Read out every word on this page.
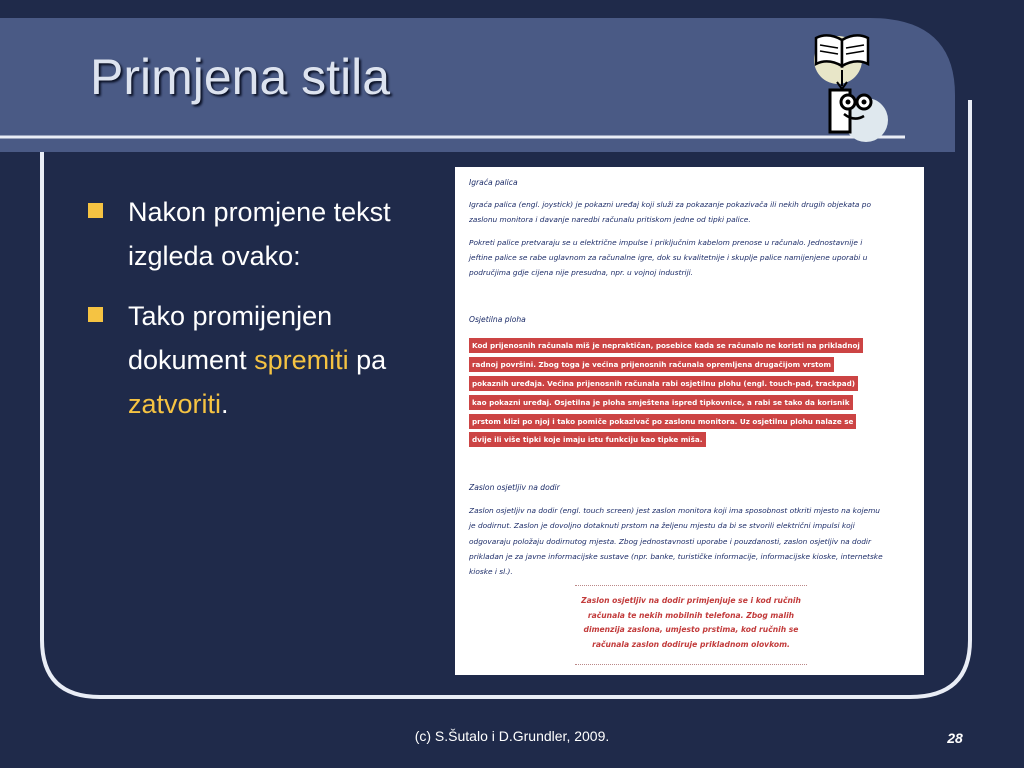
Primjena stila
Nakon promjene tekst izgleda ovako:
Tako promijenjen dokument spremiti pa zatvoriti.
Igraća palica
Igraća palica (engl. joystick) je pokazni uređaj koji služi za pokazanje pokazivača ili nekih drugih objekata po
zaslonu monitora i davanje naredbi računalu pritiskom jedne od tipki palice.
Pokreti palice pretvaraju se u električne impulse i priključnim kabelom prenose u računalo. Jednostavnije i
jeftine palice se rabe uglavnom za računalne igre, dok su kvalitetnije i skuplje palice namijenjene uporabi u
područjima gdje cijena nije presudna, npr. u vojnoj industriji.
Osjetilna ploha
Kod prijenosnih računala miš je nepraktičan, posebice kada se računalo ne koristi na prikladnoj
radnoj površini. Zbog toga je većina prijenosnih računala opremljena drugačijom vrstom
pokaznih uređaja. Većina prijenosnih računala rabi osjetilnu plohu (engl. touch-pad, trackpad)
kao pokazni uređaj. Osjetilna je ploha smještena ispred tipkovnice, a rabi se tako da korisnik
prstom klizi po njoj i tako pomiče pokazivač po zaslonu monitora. Uz osjetilnu plohu nalaze se
dvije ili više tipki koje imaju istu funkciju kao tipke miša.
Zaslon osjetljiv na dodir
Zaslon osjetljiv na dodir (engl. touch screen) jest zaslon monitora koji ima sposobnost otkriti mjesto na kojemu
je dodirnut. Zaslon je dovoljno dotaknuti prstom na željenu mjestu da bi se stvorili električni impulsi koji
odgovaraju položaju dodirnutog mjesta. Zbog jednostavnosti uporabe i pouzdanosti, zaslon osjetljiv na dodir
prikladan je za javne informacijske sustave (npr. banke, turističke informacije, informacijske kioske, internetske
kioske i sl.).
Zaslon osjetljiv na dodir primjenjuje se i kod ručnih
računala te nekih mobilnih telefona. Zbog malih
dimenzija zaslona, umjesto prstima, kod ručnih se
računala zaslon dodiruje prikladnom olovkom.
(c) S.Šutalo i D.Grundler, 2009.	28
